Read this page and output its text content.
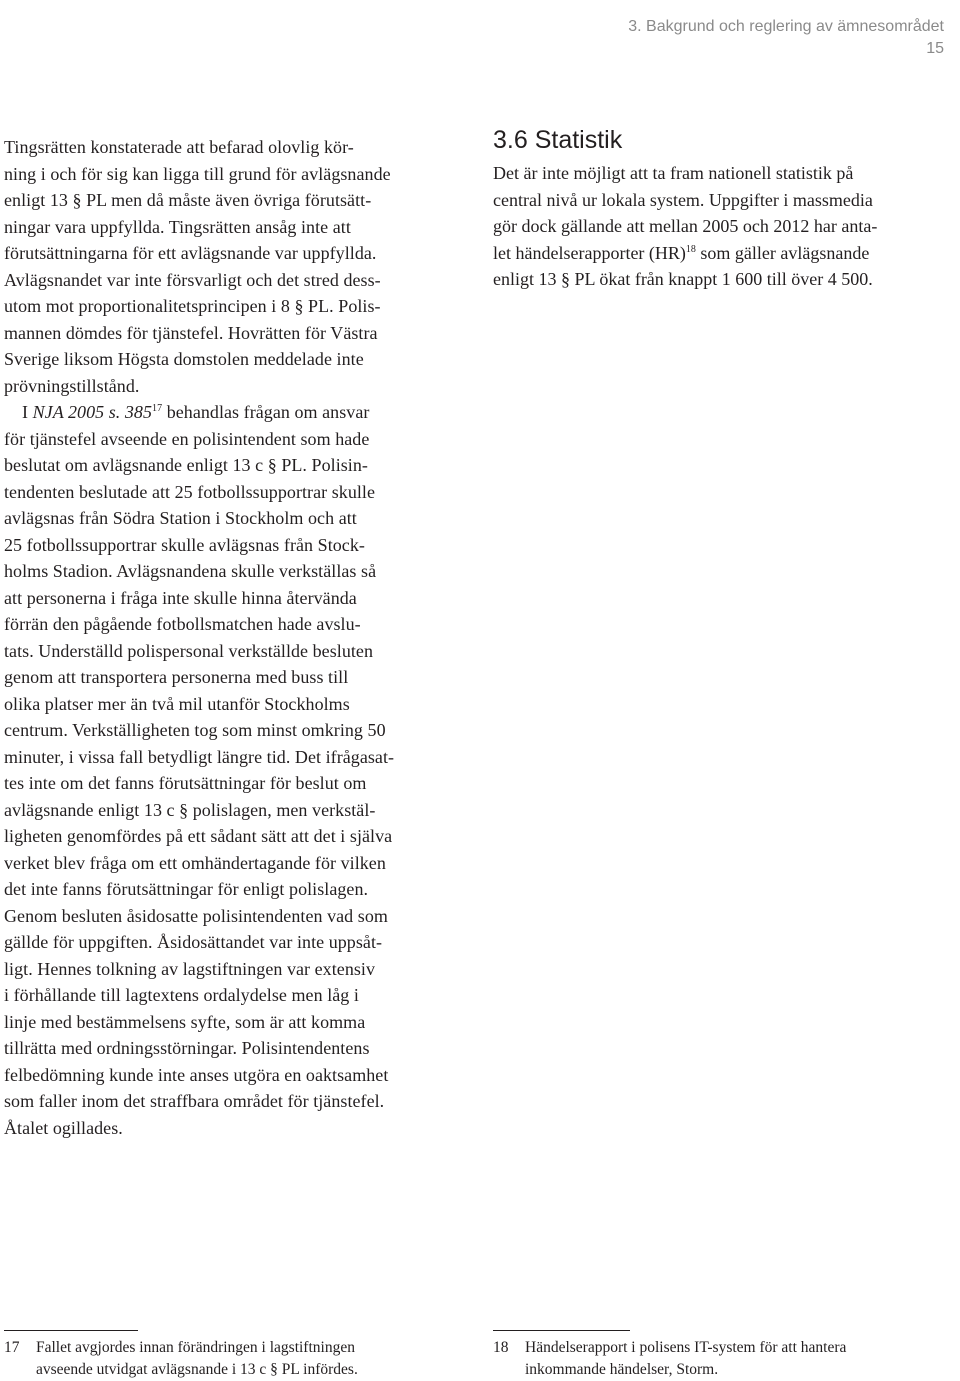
3. Bakgrund och reglering av ämnesområdet
15

Tingsrätten konstaterade att befarad olovlig kör-
ning i och för sig kan ligga till grund för avlägsnande
enligt 13 § PL men då måste även övriga förutsätt-
ningar vara uppfyllda. Tingsrätten ansåg inte att
förutsättningarna för ett avlägsnande var uppfyllda.
Avlägsnandet var inte försvarligt och det stred dess-
utom mot proportionalitetsprincipen i 8 § PL. Polis-
mannen dömdes för tjänstefel. Hovrätten för Västra
Sverige liksom Högsta domstolen meddelade inte
prövningstillstånd.

I NJA 2005 s. $385^{17}$ behandlas frågan om ansvar
för tjänstefel avseende en polisintendent som hade
beslutat om avlägsnande enligt 13 c § PL. Polisin-
tendenten beslutade att 25 fotbollssupportrar skulle
avlägsnas från Södra Station i Stockholm och att
25 fotbollssupportrar skulle avlägsnas från Stock-
holms Stadion. Avlägsnandena skulle verkställas så
att personerna i fråga inte skulle hinna återvända
förrän den pågående fotbollsmatchen hade avslu-
tats. Underställd polispersonal verkställde besluten
genom att transportera personerna med buss till
olika platser mer än två mil utanför Stockholms
centrum. Verkställigheten tog som minst omkring 50
minuter, i vissa fall betydligt längre tid. Det ifrågasat-
tes inte om det fanns förutsättningar för beslut om
avlägsnande enligt 13 c § polislagen, men verkstäl-
ligheten genomfördes på ett sådant sätt att det i själva
verket blev fråga om ett omhändertagande för vilken
det inte fanns förutsättningar för enligt polislagen.
Genom besluten åsidosatte polisintendenten vad som
gällde för uppgiften. Åsidosättandet var inte uppsåt-
ligt. Hennes tolkning av lagstiftningen var extensiv
i förhållande till lagtextens ordalydelse men låg i
linje med bestämmelsens syfte, som är att komma
tillrätta med ordningsstörningar. Polisintendentens
felbedömning kunde inte anses utgöra en oaktsamhet
som faller inom det straffbara området för tjänstefel.
Åtalet ogillades.

3.6 Statistik

Det är inte möjligt att ta fram nationell statistik på
central nivå ur lokala system. Uppgifter i massmedia
gör dock gällande att mellan 2005 och 2012 har anta-
let händelserapporter (HR)$^{18}$ som gäller avlägsnande
enligt 13 § PL ökat från knappt 1 600 till över 4 500.

17	Fallet avgjordes innan förändringen i lagstiftningen
avseende utvidgat avlägsnande i 13 c § PL infördes.
18	Händelserapport i polisens IT-system för att hantera
inkommande händelser, Storm.
